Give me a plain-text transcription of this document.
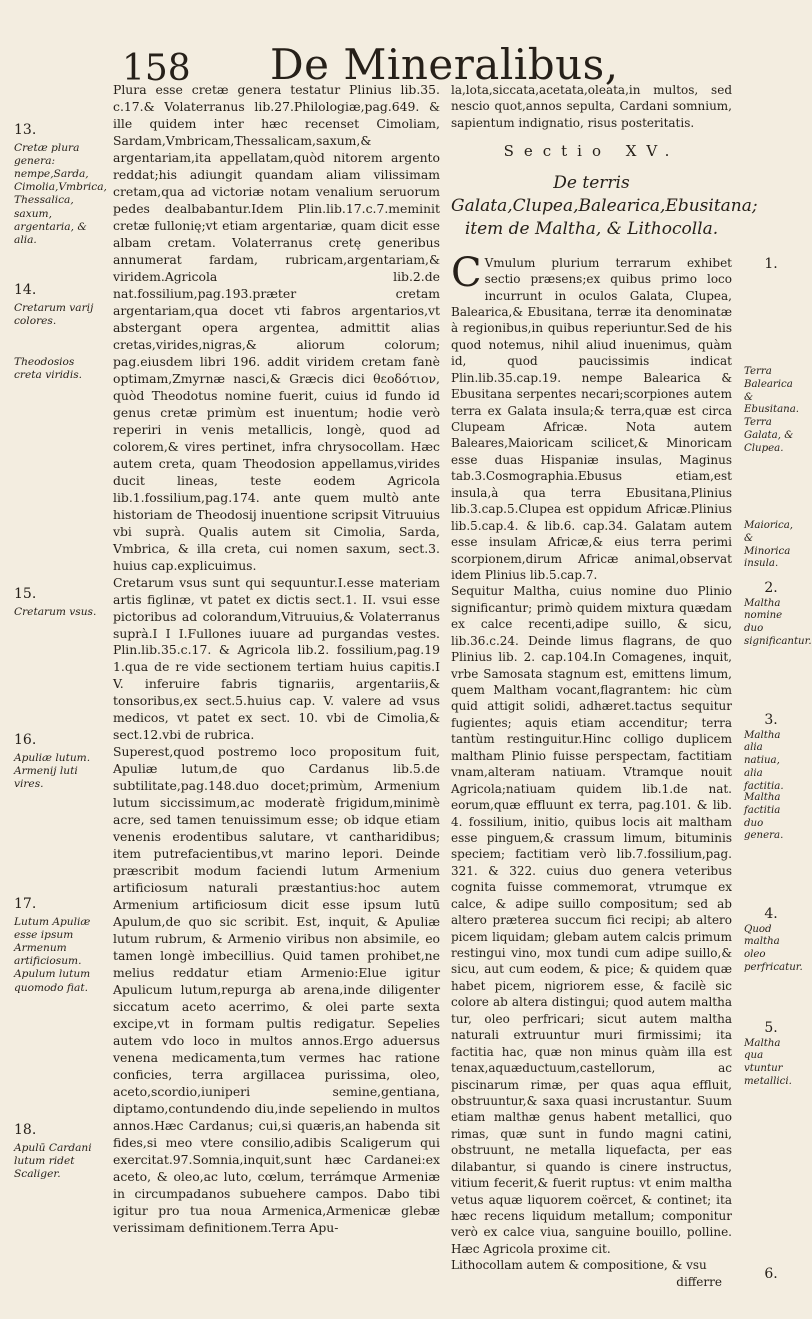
158 De Mineralibus,
13.
Cretæ plura genera: nempe,Sarda, Cimolia,Vmbrica, Thessalica, saxum, argentaria, & alia.
14.
Cretarum varij colores.
Theodosios creta viridis.
15.
Cretarum vsus.
16.
Apuliæ lutum. Armenij luti vires.
17.
Lutum Apuliæ esse ipsum Armenum artificiosum. Apulum lutum quomodo fiat.
18.
Apulū Cardani lutum ridet Scaliger.

Plura esse cretæ genera testatur Plinius lib.35. c.17.& Volaterranus lib.27.Philologiæ,pag.649. & ille quidem inter hæc recenset Cimoliam, Sardam,Vmbricam,Thessalicam,saxum,& argentariam,ita appellatam,quòd nitorem argento reddat;his adiungit quandam aliam vilissimam cretam,qua ad victoriæ notam venalium seruorum pedes dealbabantur.Idem Plin.lib.17.c.7.meminit cretæ fullonię;vt etiam argentariæ, quam dicit esse albam cretam. Volaterranus cretę generibus annumerat fardam, rubricam,argentariam,& viridem.Agricola lib.2.de nat.fossilium,pag.193.præter cretam argentariam,qua docet vti fabros argentarios,vt abstergant opera argentea, admittit alias cretas,virides,nigras,& aliorum colorum; pag.eiusdem libri 196. addit viridem cretam fanè optimam,Zmyrnæ nasci,& Græcis dici θεοδότιον, quòd Theodotus nomine fuerit, cuius id fundo id genus cretæ primùm est inuentum; hodie verò reperiri in venis metallicis, longè, quod ad colorem,& vires pertinet, infra chrysocollam. Hæc autem creta, quam Theodosion appellamus,virides ducit lineas, teste eodem Agricola lib.1.fossilium,pag.174. ante quem multò ante historiam de Theodosij inuentione scripsit Vitruuius vbi suprà. Qualis autem sit Cimolia, Sarda, Vmbrica, & illa creta, cui nomen saxum, sect.3. huius cap.explicuimus.

Cretarum vsus sunt qui sequuntur.I.esse materiam artis figlinæ, vt patet ex dictis sect.1. II. vsui esse pictoribus ad colorandum,Vitruuius,& Volaterranus suprà.I I I.Fullones iuuare ad purgandas vestes. Plin.lib.35.c.17. & Agricola lib.2. fossilium,pag.19 1.qua de re vide sectionem tertiam huius capitis.I V. inferuire fabris tignariis, argentariis,& tonsoribus,ex sect.5.huius cap. V. valere ad vsus medicos, vt patet ex sect. 10. vbi de Cimolia,& sect.12.vbi de rubrica.

Superest,quod postremo loco propositum fuit, Apuliæ lutum,de quo Cardanus lib.5.de subtilitate,pag.148.duo docet;primùm, Armenium lutum siccissimum,ac moderatè frigidum,minimè acre, sed tamen tenuissimum esse; ob idque etiam venenis erodentibus salutare, vt cantharidibus; item putrefacientibus,vt marino lepori. Deinde præscribit modum faciendi lutum Armenium artificiosum naturali præstantius:hoc autem Armenium artificiosum dicit esse ipsum lutū Apulum,de quo sic scribit. Est, inquit, & Apuliæ lutum rubrum, & Armenio viribus non absimile, eo tamen longè imbecillius. Quid tamen prohibet,ne melius reddatur etiam Armenio:Elue igitur Apulicum lutum,repurga ab arena,inde diligenter siccatum aceto acerrimo, & olei parte sexta excipe,vt in formam pultis redigatur. Sepelies autem vdo loco in multos annos.Ergo aduersus venena medicamenta,tum vermes hac ratione conficies, terra argillacea purissima, oleo, aceto,scordio,iuniperi semine,gentiana, diptamo,contundendo diu,inde sepeliendo in multos annos.Hæc Cardanus; cui,si quæris,an habenda sit fides,si meo vtere consilio,adibis Scaligerum qui exercitat.97.Somnia,inquit,sunt hæc Cardanei:ex aceto, & oleo,ac luto, cœlum, terrámque Armeniæ in circumpadanos subuehere campos. Dabo tibi igitur pro tua noua Armenica,Armenicæ glebæ verissimam definitionem.Terra Apu-

la,lota,siccata,acetata,oleata,in multos, sed nescio quot,annos sepulta, Cardani somnium, sapientum indignatio, risus posteritatis.

Sectio XV.
De terris Galata,Clupea,Balearica,Ebusitana; item de Maltha, & Lithocolla.

C Vmulum plurium terrarum exhibet sectio præsens;ex quibus primo loco incurrunt in oculos Galata, Clupea, Balearica,& Ebusitana, terræ ita denominatæ à regionibus,in quibus reperiuntur.Sed de his quod notemus, nihil aliud inuenimus, quàm id, quod paucissimis indicat Plin.lib.35.cap.19. nempe Balearica & Ebusitana serpentes necari;scorpiones autem terra ex Galata insula;& terra,quæ est circa Clupeam Africæ. Nota autem Baleares,Maioricam scilicet,& Minoricam esse duas Hispaniæ insulas, Maginus tab.3.Cosmographia.Ebusus etiam,est insula,à qua terra Ebusitana,Plinius lib.3.cap.5.Clupea est oppidum Africæ.Plinius lib.5.cap.4. & lib.6. cap.34. Galatam autem esse insulam Africæ,& eius terra perimi scorpionem,dirum Africæ animal,observat idem Plinius lib.5.cap.7.

Sequitur Maltha, cuius nomine duo Plinio significantur; primò quidem mixtura quædam ex calce recenti,adipe suillo, & sicu, lib.36.c.24. Deinde limus flagrans, de quo Plinius lib. 2. cap.104.In Comagenes, inquit, vrbe Samosata stagnum est, emittens limum, quem Maltham vocant,flagrantem: hic cùm quid attigit solidi, adhæret.tactus sequitur fugientes; aquis etiam accenditur; terra tantùm restinguitur.Hinc colligo duplicem maltham Plinio fuisse perspectam, factitiam vnam,alteram natiuam. Vtramque nouit Agricola;natiuam quidem lib.1.de nat. eorum,quæ effluunt ex terra, pag.101. & lib. 4. fossilium, initio, quibus locis ait maltham esse pinguem,& crassum limum, bituminis speciem; factitiam verò lib.7.fossilium,pag. 321. & 322. cuius duo genera veteribus cognita fuisse commemorat, vtrumque ex calce, & adipe suillo compositum; sed ab altero præterea succum fici recipi; ab altero picem liquidam; glebam autem calcis primum restingui vino, mox tundi cum adipe suillo,& sicu, aut cum eodem, & pice; & quidem quæ habet picem, nigriorem esse, & facilè sic colore ab altera distingui; quod autem maltha tur, oleo perfricari; sicut autem maltha naturali extruuntur muri firmissimi; ita factitia hac, quæ non minus quàm illa est tenax,aquæductuum,castellorum, ac piscinarum rimæ, per quas aqua effluit, obstruuntur,& saxa quasi incrustantur. Suum etiam malthæ genus habent metallici, quo rimas, quæ sunt in fundo magni catini, obstruunt, ne metalla liquefacta, per eas dilabantur, si quando is cinere instructus, vitium fecerit,& fuerit ruptus: vt enim maltha vetus aquæ liquorem coërcet, & continet; ita hæc recens liquidum metallum; componitur verò ex calce viua, sanguine bouillo, polline. Hæc Agricola proxime cit.

Lithocollam autem & compositione, & vsu

differre
1.
Terra Balearica & Ebusitana. Terra Galata, & Clupea.
Maiorica, & Minorica insula.
2.
Maltha nomine duo significantur.
3.
Maltha alia natiua, alia factitia.
Maltha factitia duo genera.
4.
Quod maltha oleo perfricatur.
5.
Maltha qua vtuntur metallici.
6.
